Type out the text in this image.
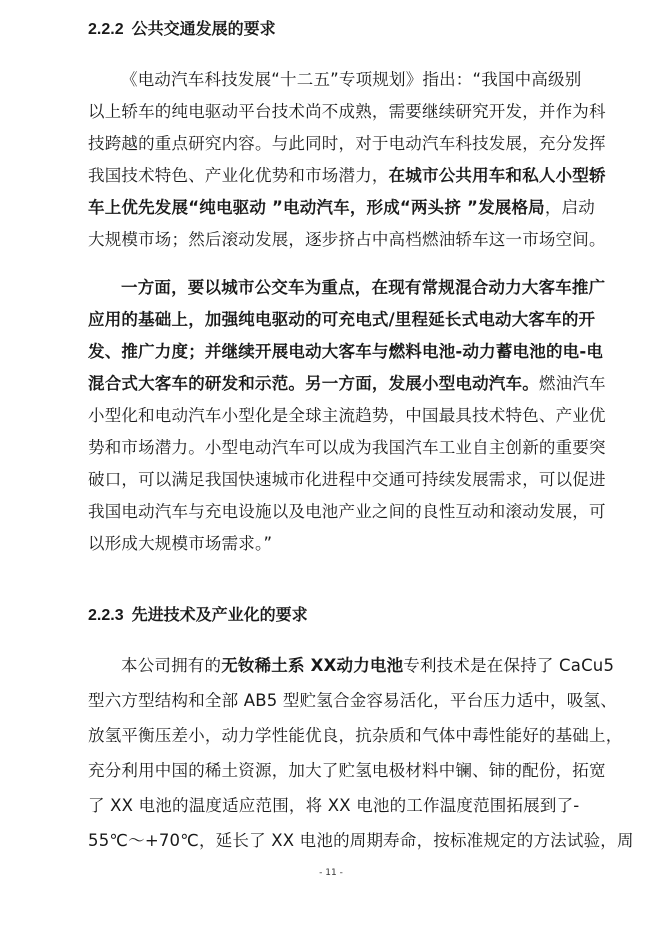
2.2.2 公共交通发展的要求
《电动汽车科技发展“十二五”专项规划》指出：“我国中高级别
以上轿车的纯电驱动平台技术尚不成熟，需要继续研究开发，并作为科
技跨越的重点研究内容。与此同时，对于电动汽车科技发展，充分发挥
我国技术特色、产业化优势和市场潜力，在城市公共用车和私人小型轿
车上优先发展“纯电驱动 ”电动汽车，形成“两头挤 ”发展格局，启动
大规模市场；然后滚动发展，逐步挤占中高档燃油轿车这一市场空间。
一方面，要以城市公交车为重点，在现有常规混合动力大客车推广
应用的基础上，加强纯电驱动的可充电式/里程延长式电动大客车的开
发、推广力度；并继续开展电动大客车与燃料电池-动力蓄电池的电-电
混合式大客车的研发和示范。另一方面，发展小型电动汽车。燃油汽车
小型化和电动汽车小型化是全球主流趋势，中国最具技术特色、产业优
势和市场潜力。小型电动汽车可以成为我国汽车工业自主创新的重要突
破口，可以满足我国快速城市化进程中交通可持续发展需求，可以促进
我国电动汽车与充电设施以及电池产业之间的良性互动和滚动发展，可
以形成大规模市场需求。”
2.2.3 先进技术及产业化的要求
本公司拥有的无钕稀土系 XX动力电池专利技术是在保持了 CaCu5
型六方型结构和全部 AB5 型贮氢合金容易活化，平台压力适中，吸氢、
放氢平衡压差小，动力学性能优良，抗杂质和气体中毒性能好的基础上，
充分利用中国的稀土资源，加大了贮氢电极材料中镧、铈的配份，拓宽
了 XX 电池的温度适应范围，将 XX 电池的工作温度范围拓展到了-
55℃～+70℃，延长了 XX 电池的周期寿命，按标准规定的方法试验，周
- 11 -
